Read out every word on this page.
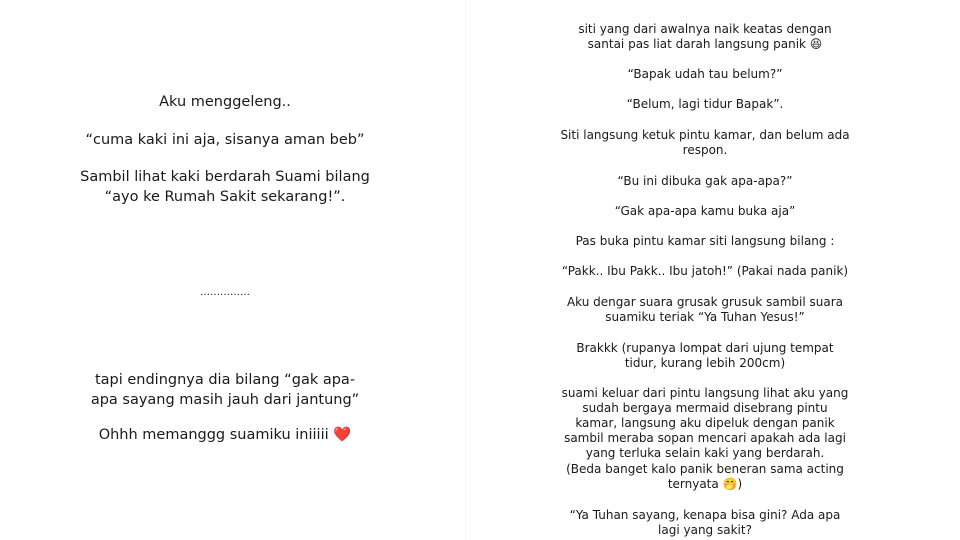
Aku menggeleng..

“cuma kaki ini aja, sisanya aman beb”

Sambil lihat kaki berdarah Suami bilang

“ayo ke Rumah Sakit sekarang!”.

……………

tapi endingnya dia bilang “gak apa-

apa sayang masih jauh dari jantung”

Ohhh memanggg suamiku iniiiii ❤️

siti yang dari awalnya naik keatas dengan

santai pas liat darah langsung panik 😆

“Bapak udah tau belum?”

“Belum, lagi tidur Bapak”.

Siti langsung ketuk pintu kamar, dan belum ada

respon.

“Bu ini dibuka gak apa-apa?”

“Gak apa-apa kamu buka aja”

Pas buka pintu kamar siti langsung bilang :

“Pakk.. Ibu Pakk.. Ibu jatoh!” (Pakai nada panik)

Aku dengar suara grusak grusuk sambil suara

suamiku teriak “Ya Tuhan Yesus!”

Brakkk (rupanya lompat dari ujung tempat

tidur, kurang lebih 200cm)

suami keluar dari pintu langsung lihat aku yang

sudah bergaya mermaid disebrang pintu

kamar, langsung aku dipeluk dengan panik

sambil meraba sopan mencari apakah ada lagi

yang terluka selain kaki yang berdarah.

(Beda banget kalo panik beneran sama acting

ternyata 🤭)

“Ya Tuhan sayang, kenapa bisa gini? Ada apa

lagi yang sakit?
